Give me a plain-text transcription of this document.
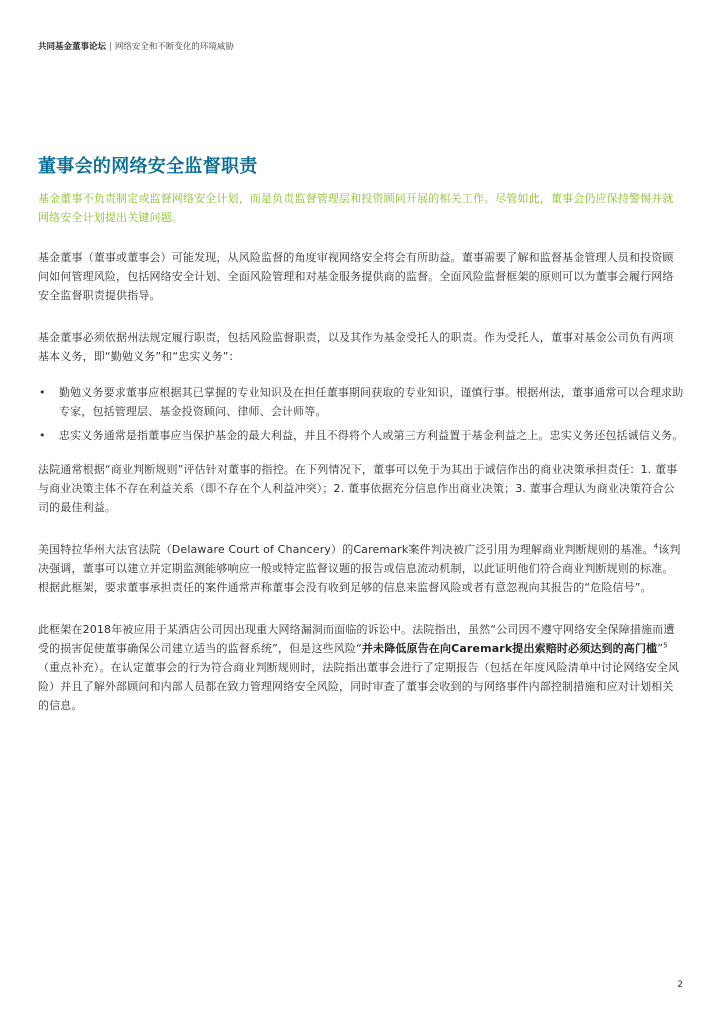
共同基金董事论坛 | 网络安全和不断变化的环境威胁
董事会的网络安全监督职责

基金董事不负责制定或监督网络安全计划，而是负责监督管理层和投资顾问开展的相关工作。尽管如此，董事会仍应保持警惕并就网络安全计划提出关键问题。

基金董事（董事或董事会）可能发现，从风险监督的角度审视网络安全将会有所助益。董事需要了解和监督基金管理人员和投资顾问如何管理风险，包括网络安全计划、全面风险管理和对基金服务提供商的监督。全面风险监督框架的原则可以为董事会履行网络安全监督职责提供指导。

基金董事必须依据州法规定履行职责，包括风险监督职责，以及其作为基金受托人的职责。作为受托人，董事对基金公司负有两项基本义务，即“勤勉义务”和“忠实义务”：

• 勤勉义务要求董事应根据其已掌握的专业知识及在担任董事期间获取的专业知识，谨慎行事。根据州法，董事通常可以合理求助专家，包括管理层、基金投资顾问、律师、会计师等。
• 忠实义务通常是指董事应当保护基金的最大利益，并且不得将个人或第三方利益置于基金利益之上。忠实义务还包括诚信义务。

法院通常根据“商业判断规则”评估针对董事的指控。在下列情况下，董事可以免于为其出于诚信作出的商业决策承担责任：1. 董事与商业决策主体不存在利益关系（即不存在个人利益冲突）；2. 董事依据充分信息作出商业决策；3. 董事合理认为商业决策符合公司的最佳利益。

美国特拉华州大法官法院（Delaware Court of Chancery）的Caremark案件判决被广泛引用为理解商业判断规则的基准。$^4$该判决强调，董事可以建立并定期监测能够响应一般或特定监督议题的报告或信息流动机制，以此证明他们符合商业判断规则的标准。根据此框架，要求董事承担责任的案件通常声称董事会没有收到足够的信息来监督风险或者有意忽视向其报告的“危险信号”。

此框架在2018年被应用于某酒店公司因出现重大网络漏洞而面临的诉讼中。法院指出，虽然“公司因不遵守网络安全保障措施而遭受的损害促使董事确保公司建立适当的监督系统”，但是这些风险“并未降低原告在向Caremark提出索赔时必须达到的高门槛”$^5$（重点补充）。在认定董事会的行为符合商业判断规则时，法院指出董事会进行了定期报告（包括在年度风险清单中讨论网络安全风险）并且了解外部顾问和内部人员都在致力管理网络安全风险，同时审查了董事会收到的与网络事件内部控制措施和应对计划相关的信息。

2
